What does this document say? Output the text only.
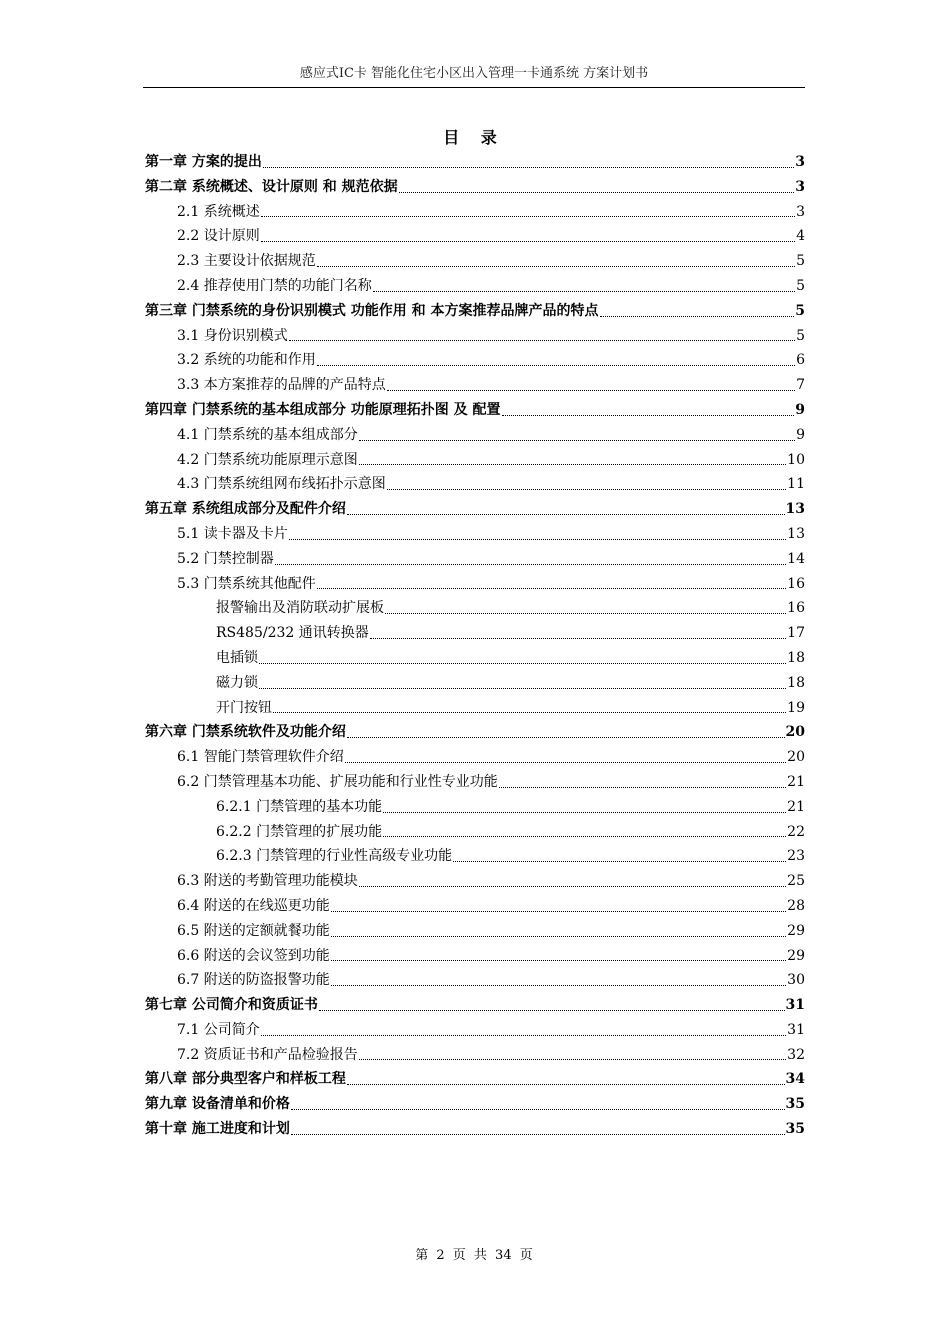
感应式IC卡 智能化住宅小区出入管理一卡通系统 方案计划书
目 录
第一章 方案的提出	3
第二章 系统概述、设计原则 和 规范依据	3
2.1 系统概述	3
2.2 设计原则	4
2.3 主要设计依据规范	5
2.4 推荐使用门禁的功能门名称	5
第三章 门禁系统的身份识别模式 功能作用 和 本方案推荐品牌产品的特点	5
3.1 身份识别模式	5
3.2 系统的功能和作用	6
3.3 本方案推荐的品牌的产品特点	7
第四章 门禁系统的基本组成部分 功能原理拓扑图 及 配置	9
4.1 门禁系统的基本组成部分	9
4.2 门禁系统功能原理示意图	10
4.3 门禁系统组网布线拓扑示意图	11
第五章 系统组成部分及配件介绍	13
5.1 读卡器及卡片	13
5.2 门禁控制器	14
5.3 门禁系统其他配件	16
报警输出及消防联动扩展板	16
RS485/232 通讯转换器	17
电插锁	18
磁力锁	18
开门按钮	19
第六章 门禁系统软件及功能介绍	20
6.1 智能门禁管理软件介绍	20
6.2 门禁管理基本功能、扩展功能和行业性专业功能	21
6.2.1 门禁管理的基本功能	21
6.2.2 门禁管理的扩展功能	22
6.2.3 门禁管理的行业性高级专业功能	23
6.3 附送的考勤管理功能模块	25
6.4 附送的在线巡更功能	28
6.5 附送的定额就餐功能	29
6.6 附送的会议签到功能	29
6.7 附送的防盗报警功能	30
第七章 公司简介和资质证书	31
7.1 公司简介	31
7.2 资质证书和产品检验报告	32
第八章 部分典型客户和样板工程	34
第九章 设备清单和价格	35
第十章 施工进度和计划	35
第 2 页 共 34 页
